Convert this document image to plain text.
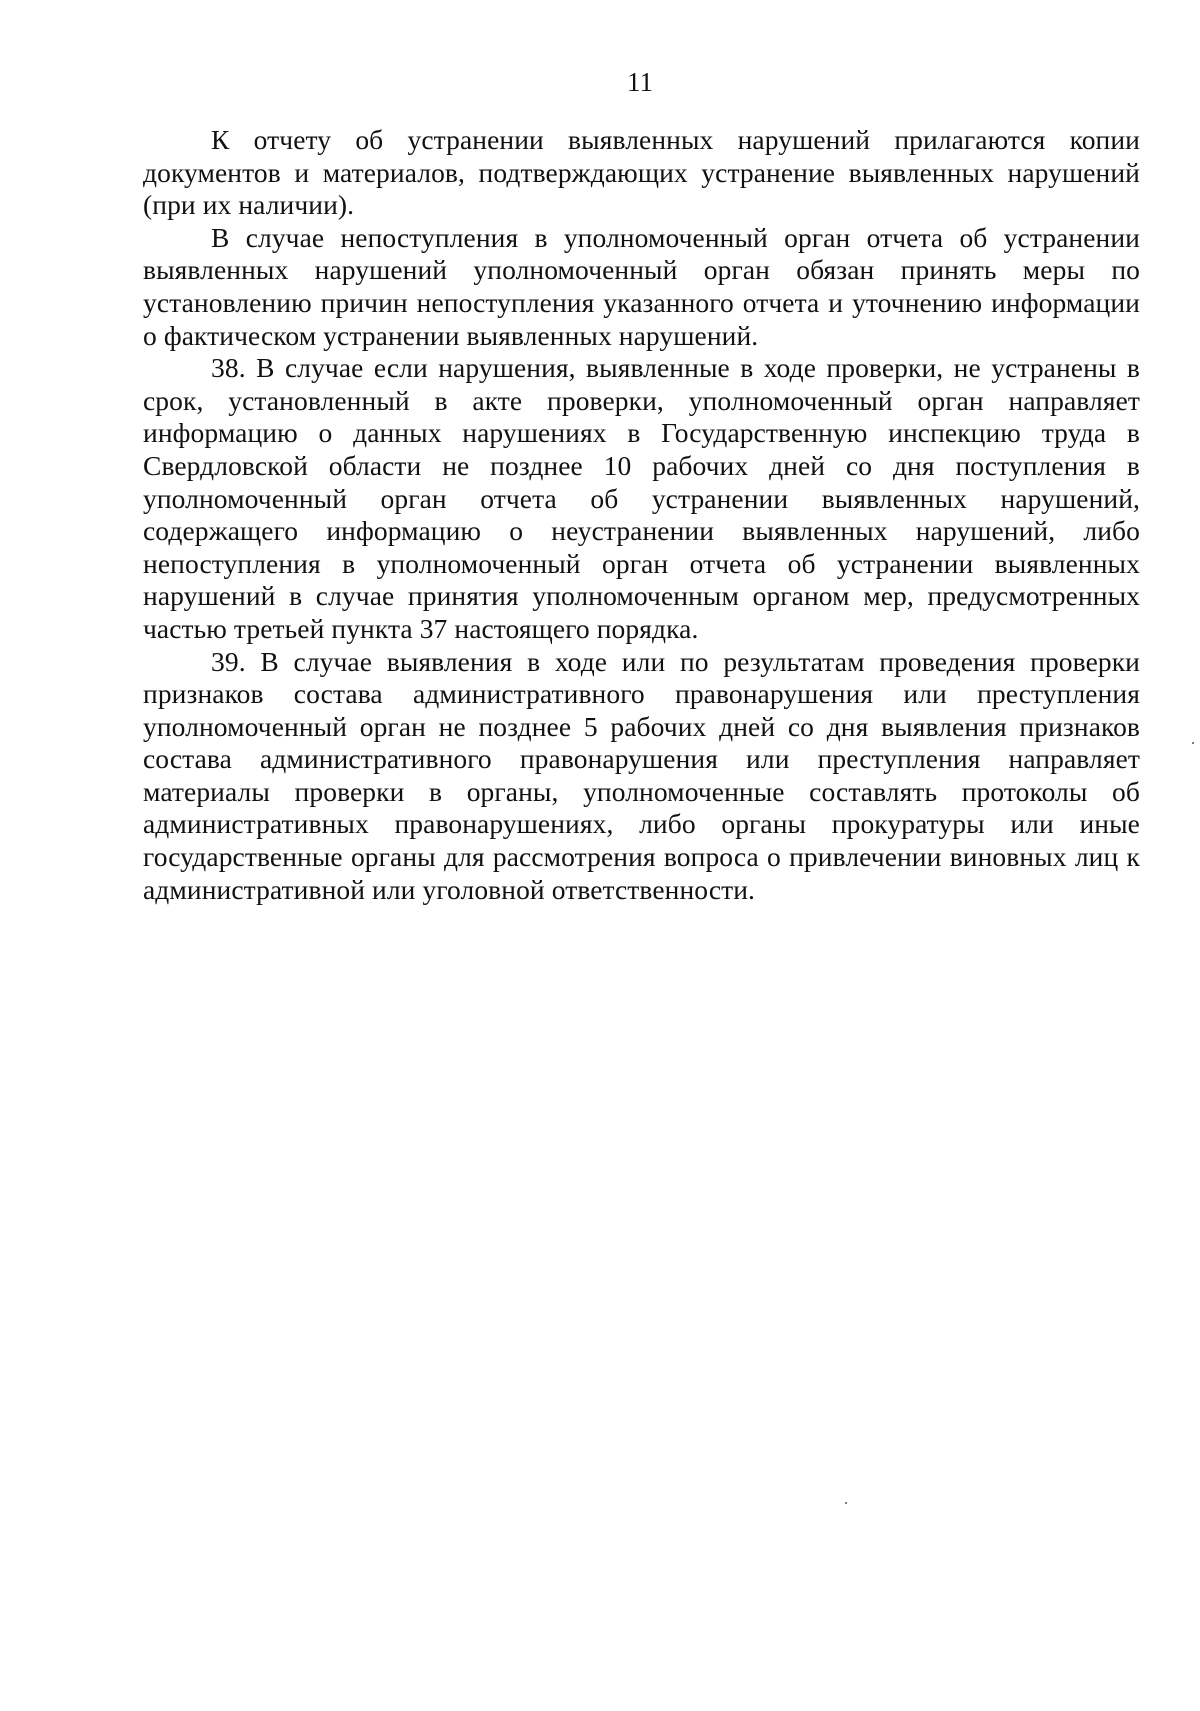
11

К отчету об устранении выявленных нарушений прилагаются копии документов и материалов, подтверждающих устранение выявленных нарушений (при их наличии).

В случае непоступления в уполномоченный орган отчета об устранении выявленных нарушений уполномоченный орган обязан принять меры по установлению причин непоступления указанного отчета и уточнению информации о фактическом устранении выявленных нарушений.

38. В случае если нарушения, выявленные в ходе проверки, не устранены в срок, установленный в акте проверки, уполномоченный орган направляет информацию о данных нарушениях в Государственную инспекцию труда в Свердловской области не позднее 10 рабочих дней со дня поступления в уполномоченный орган отчета об устранении выявленных нарушений, содержащего информацию о неустранении выявленных нарушений, либо непоступления в уполномоченный орган отчета об устранении выявленных нарушений в случае принятия уполномоченным органом мер, предусмотренных частью третьей пункта 37 настоящего порядка.

39. В случае выявления в ходе или по результатам проведения проверки признаков состава административного правонарушения или преступления уполномоченный орган не позднее 5 рабочих дней со дня выявления признаков состава административного правонарушения или преступления направляет материалы проверки в органы, уполномоченные составлять протоколы об административных правонарушениях, либо органы прокуратуры или иные государственные органы для рассмотрения вопроса о привлечении виновных лиц к административной или уголовной ответственности.
